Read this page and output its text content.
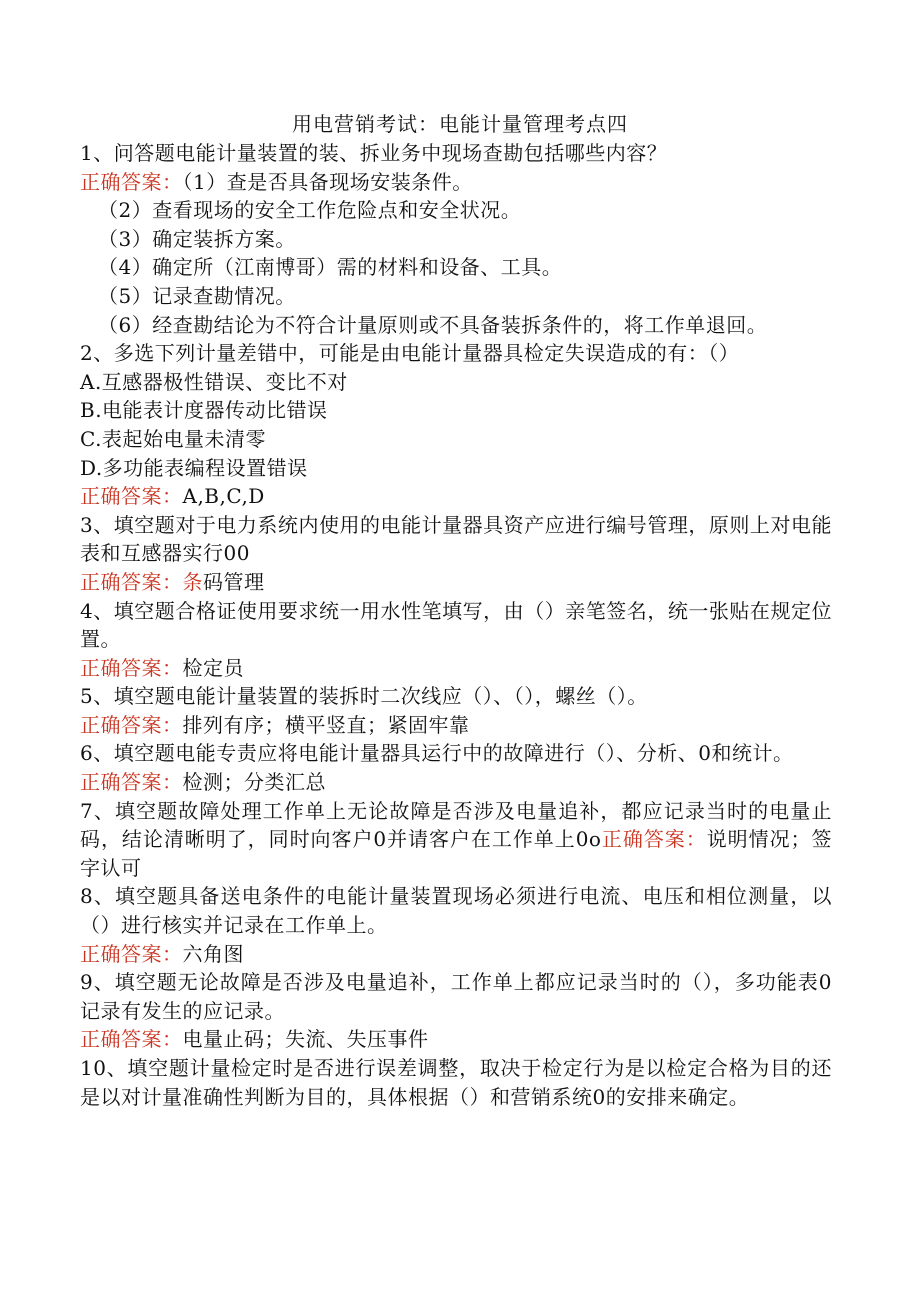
用电营销考试：电能计量管理考点四

1、问答题电能计量装置的装、拆业务中现场查勘包括哪些内容？

正确答案：（1）查是否具备现场安装条件。

（2）查看现场的安全工作危险点和安全状况。

（3）确定装拆方案。

（4）确定所（江南博哥）需的材料和设备、工具。

（5）记录查勘情况。

（6）经查勘结论为不符合计量原则或不具备装拆条件的，将工作单退回。

2、多选下列计量差错中，可能是由电能计量器具检定失误造成的有：（）

A.互感器极性错误、变比不对

B.电能表计度器传动比错误

C.表起始电量未清零

D.多功能表编程设置错误

正确答案：A,B,C,D

3、填空题对于电力系统内使用的电能计量器具资产应进行编号管理，原则上对电能表和互感器实行00

正确答案：条码管理

4、填空题合格证使用要求统一用水性笔填写，由（）亲笔签名，统一张贴在规定位置。

正确答案：检定员

5、填空题电能计量装置的装拆时二次线应（）、（），螺丝（）。

正确答案：排列有序；横平竖直；紧固牢靠

6、填空题电能专责应将电能计量器具运行中的故障进行（）、分析、0和统计。

正确答案：检测；分类汇总

7、填空题故障处理工作单上无论故障是否涉及电量追补，都应记录当时的电量止码，结论清晰明了，同时向客户0并请客户在工作单上0o正确答案：说明情况；签字认可

8、填空题具备送电条件的电能计量装置现场必须进行电流、电压和相位测量，以（）进行核实并记录在工作单上。

正确答案：六角图

9、填空题无论故障是否涉及电量追补，工作单上都应记录当时的（），多功能表0记录有发生的应记录。

正确答案：电量止码；失流、失压事件

10、填空题计量检定时是否进行误差调整，取决于检定行为是以检定合格为目的还是以对计量准确性判断为目的，具体根据（）和营销系统0的安排来确定。
